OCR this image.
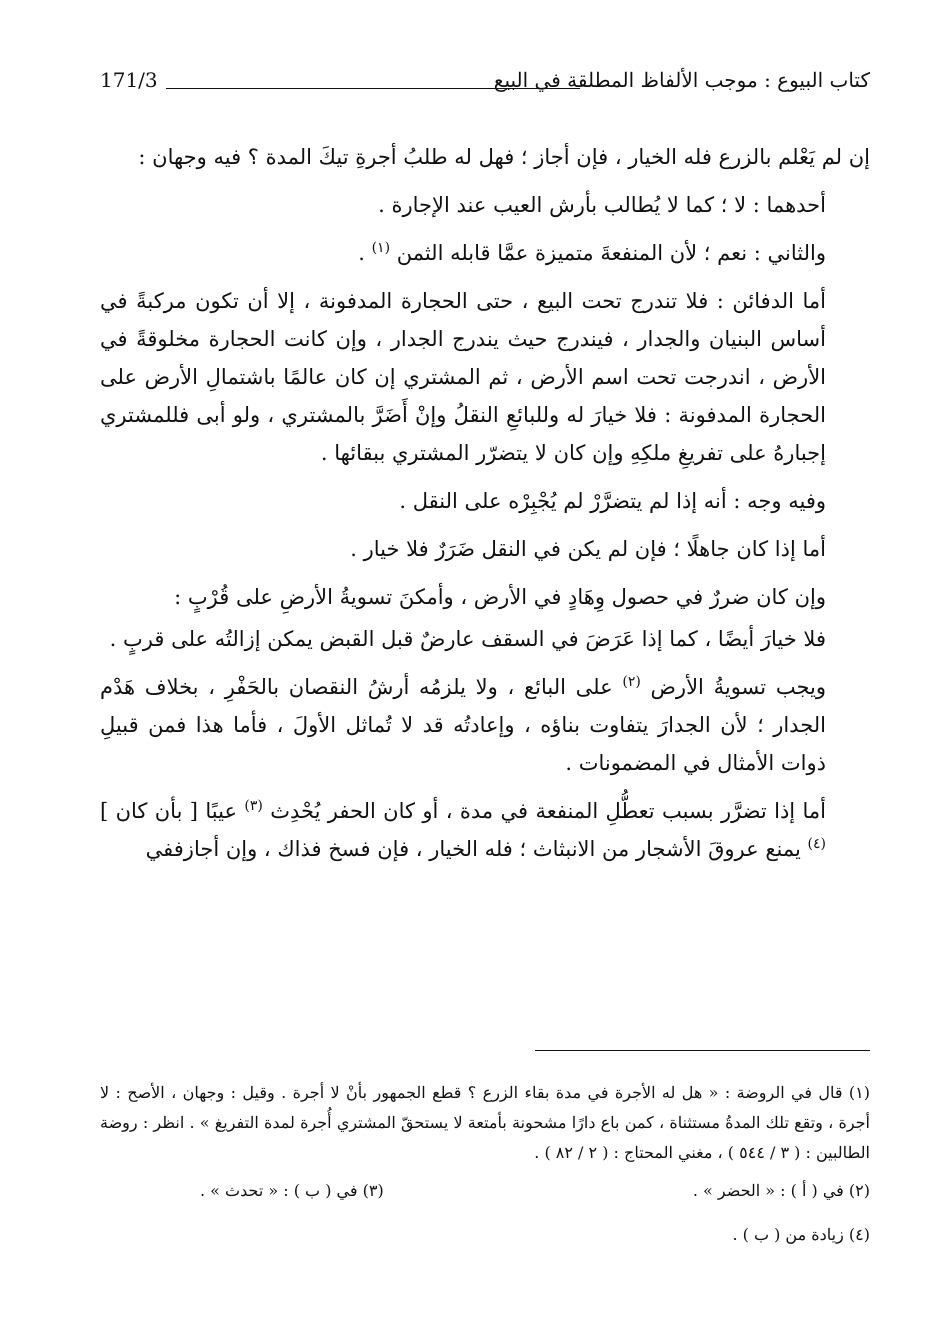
كتاب البيوع : موجب الألفاظ المطلقة في البيع
171/3

إن لم يَعْلم بالزرع فله الخيار ، فإن أجاز ؛ فهل له طلبُ أجرةِ تيكَ المدة ؟ فيه وجهان :

أحدهما : لا ؛ كما لا يُطالب بأرش العيب عند الإجارة .

والثاني : نعم ؛ لأن المنفعةَ متميزة عمَّا قابله الثمن $^{(١)}$ .

أما الدفائن : فلا تندرج تحت البيع ، حتى الحجارة المدفونة ، إلا أن تكون مركبةً في أساس البنيان والجدار ، فيندرج حيث يندرج الجدار ، وإن كانت الحجارة مخلوقةً في الأرض ، اندرجت تحت اسم الأرض ، ثم المشتري إن كان عالمًا باشتمالِ الأرض على الحجارة المدفونة : فلا خيارَ له وللبائعِ النقلُ وإنْ أَضَرَّ بالمشتري ، ولو أبى فللمشتري إجبارهُ على تفريغِ ملكِهِ وإن كان لا يتضرّر المشتري ببقائها .

وفيه وجه : أنه إذا لم يتضرَّرْ لم يُجْبِرْه على النقل .

أما إذا كان جاهلًا ؛ فإن لم يكن في النقل ضَرَرٌ فلا خيار .

وإن كان ضررٌ في حصول وِهَادٍ في الأرض ، وأمكنَ تسويةُ الأرضِ على قُرْبٍ :

فلا خيارَ أيضًا ، كما إذا عَرَضَ في السقف عارضٌ قبل القبض يمكن إزالتُه على قربٍ .

ويجب تسويةُ الأرض $^{(٢)}$ على البائع ، ولا يلزمُه أرشُ النقصان بالحَفْرِ ، بخلاف هَدْم الجدار ؛ لأن الجدارَ يتفاوت بناؤه ، وإعادتُه قد لا تُماثل الأولَ ، فأما هذا فمن قبيلِ ذوات الأمثال في المضمونات .

أما إذا تضرَّر بسبب تعطُّلِ المنفعة في مدة ، أو كان الحفر يُحْدِث $^{(٣)}$ عيبًا [ بأن كان ] $^{(٤)}$ يمنع عروقَ الأشجار من الانبثاث ؛ فله الخيار ، فإن فسخ فذاك ، وإن أجازففي

(١) قال في الروضة : « هل له الأجرة في مدة بقاء الزرع ؟ قطع الجمهور بأنْ لا أجرة . وقيل : وجهان ، الأصح : لا أجرة ، وتقع تلك المدةُ مستثناة ، كمن باع دارًا مشحونة بأمتعة لا يستحقّ المشتري أُجرة لمدة التفريغ » . انظر : روضة الطالبين : ( ٣ / ٥٤٤ ) ، مغني المحتاج : ( ٢ / ٨٢ ) .

(٢) في ( أ ) : « الحضر » .
(٣) في ( ب ) : « تحدث » .

(٤) زيادة من ( ب ) .
